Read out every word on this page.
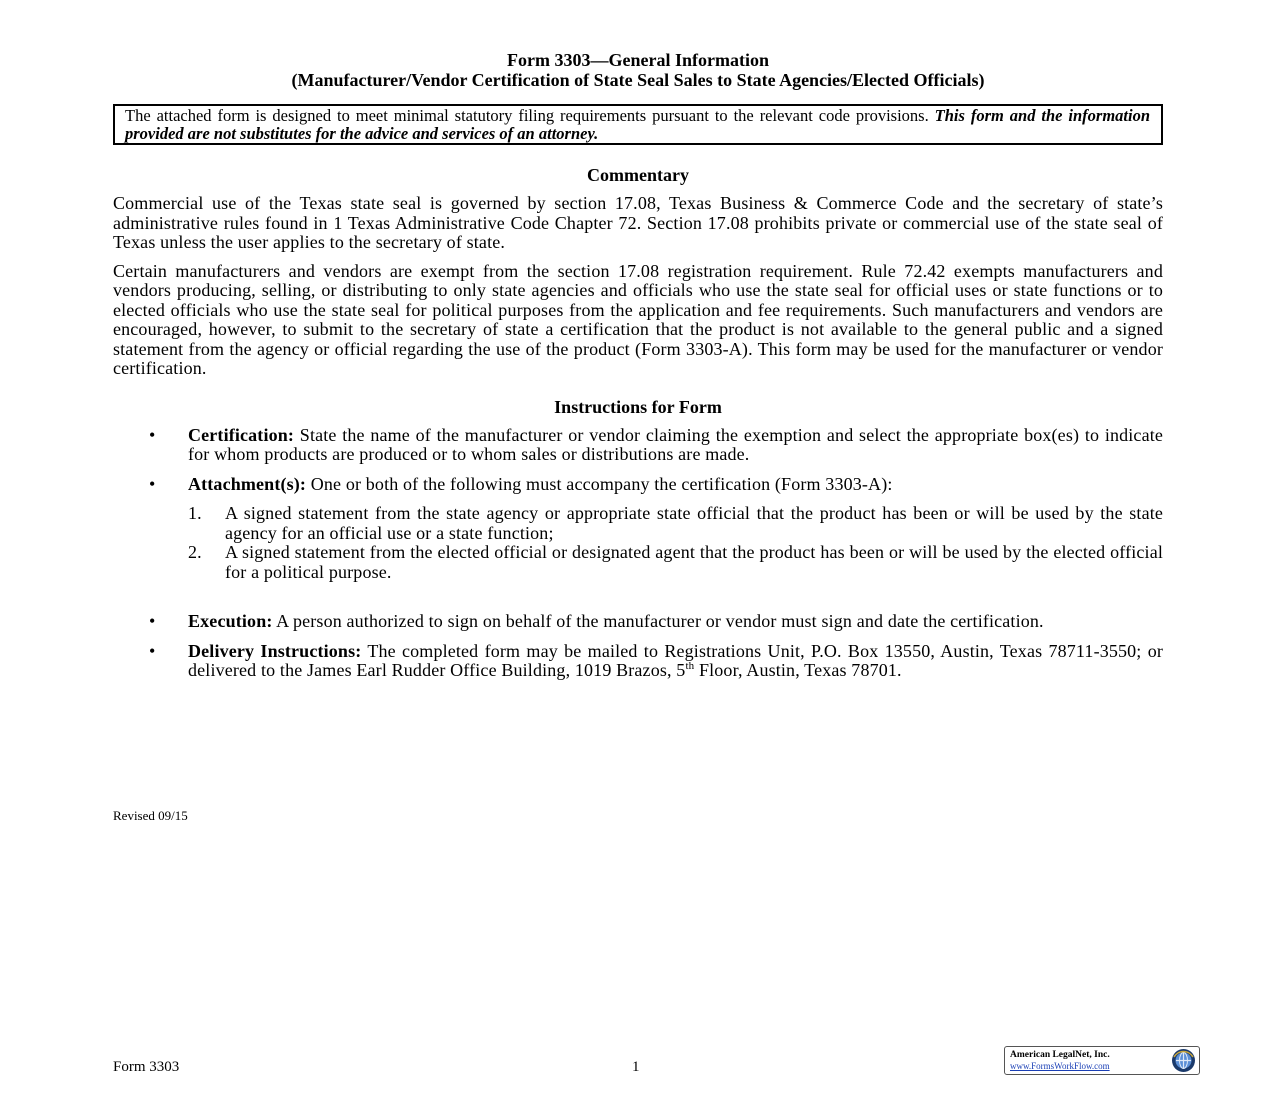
Form 3303—General Information
(Manufacturer/Vendor Certification of State Seal Sales to State Agencies/Elected Officials)
The attached form is designed to meet minimal statutory filing requirements pursuant to the relevant code provisions. This form and the information provided are not substitutes for the advice and services of an attorney.
Commentary

Commercial use of the Texas state seal is governed by section 17.08, Texas Business & Commerce Code and the secretary of state’s administrative rules found in 1 Texas Administrative Code Chapter 72. Section 17.08 prohibits private or commercial use of the state seal of Texas unless the user applies to the secretary of state.

Certain manufacturers and vendors are exempt from the section 17.08 registration requirement. Rule 72.42 exempts manufacturers and vendors producing, selling, or distributing to only state agencies and officials who use the state seal for official uses or state functions or to elected officials who use the state seal for political purposes from the application and fee requirements. Such manufacturers and vendors are encouraged, however, to submit to the secretary of state a certification that the product is not available to the general public and a signed statement from the agency or official regarding the use of the product (Form 3303-A). This form may be used for the manufacturer or vendor certification.

Instructions for Form
• Certification: State the name of the manufacturer or vendor claiming the exemption and select the appropriate box(es) to indicate for whom products are produced or to whom sales or distributions are made.
• Attachment(s): One or both of the following must accompany the certification (Form 3303-A):
1. A signed statement from the state agency or appropriate state official that the product has been or will be used by the state agency for an official use or a state function;
2. A signed statement from the elected official or designated agent that the product has been or will be used by the elected official for a political purpose.
• Execution: A person authorized to sign on behalf of the manufacturer or vendor must sign and date the certification.
• Delivery Instructions: The completed form may be mailed to Registrations Unit, P.O. Box 13550, Austin, Texas 78711-3550; or delivered to the James Earl Rudder Office Building, 1019 Brazos, 5th Floor, Austin, Texas 78701.
Revised 09/15
Form 3303	1
American LegalNet, Inc.
www.FormsWorkFlow.com
